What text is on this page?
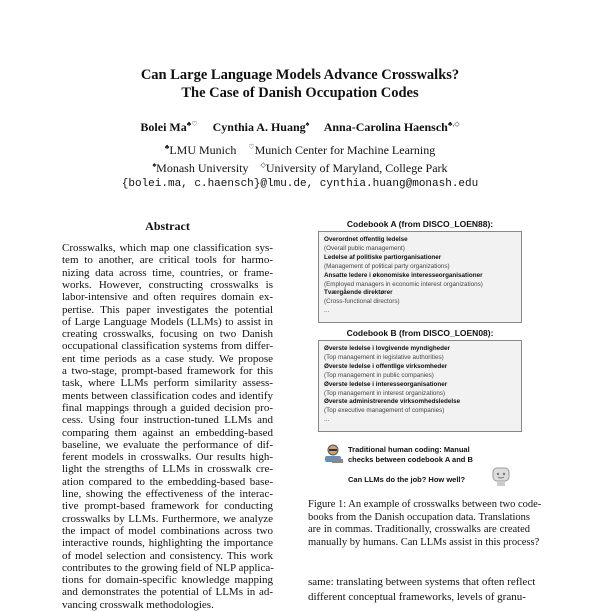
Can Large Language Models Advance Crosswalks?
The Case of Danish Occupation Codes
Bolei Ma♣♡ Cynthia A. Huang♠ Anna-Carolina Haensch♣,◇
♣LMU Munich ♡Munich Center for Machine Learning
♠Monash University ◇University of Maryland, College Park
{bolei.ma, c.haensch}@lmu.de, cynthia.huang@monash.edu
Abstract
Crosswalks, which map one classification sys-
tem to another, are critical tools for harmo-
nizing data across time, countries, or frame-
works. However, constructing crosswalks is
labor-intensive and often requires domain ex-
pertise. This paper investigates the potential
of Large Language Models (LLMs) to assist in
creating crosswalks, focusing on two Danish
occupational classification systems from differ-
ent time periods as a case study. We propose
a two-stage, prompt-based framework for this
task, where LLMs perform similarity assess-
ments between classification codes and identify
final mappings through a guided decision pro-
cess. Using four instruction-tuned LLMs and
comparing them against an embedding-based
baseline, we evaluate the performance of dif-
ferent models in crosswalks. Our results high-
light the strengths of LLMs in crosswalk cre-
ation compared to the embedding-based base-
line, showing the effectiveness of the interac-
tive prompt-based framework for conducting
crosswalks by LLMs. Furthermore, we analyze
the impact of model combinations across two
interactive rounds, highlighting the importance
of model selection and consistency. This work
contributes to the growing field of NLP applica-
tions for domain-specific knowledge mapping
and demonstrates the potential of LLMs in ad-
vancing crosswalk methodologies.
Codebook A (from DISCO_LOEN88):
Overordnet offentlig ledelse
(Overall public management)
Ledelse af politiske partiorganisationer
(Management of political party organizations)
Ansatte ledere i økonomiske interesseorganisationer
(Employed managers in economic interest organizations)
Tværgående direktører
(Cross-functional directors)
...
Codebook B (from DISCO_LOEN08):
Øverste ledelse i lovgivende myndigheder
(Top management in legislative authorities)
Øverste ledelse i offentlige virksomheder
(Top management in public companies)
Øverste ledelse i interesseorganisationer
(Top management in interest organizations)
Øverste administrerende virksomhedsledelse
(Top executive management of companies)
...
Traditional human coding: Manual
checks between codebook A and B
Can LLMs do the job? How well?
Figure 1: An example of crosswalks between two code-
books from the Danish occupation data. Translations
are in commas. Traditionally, crosswalks are created
manually by humans. Can LLMs assist in this process?
same: translating between systems that often reflect
different conceptual frameworks, levels of granu-
